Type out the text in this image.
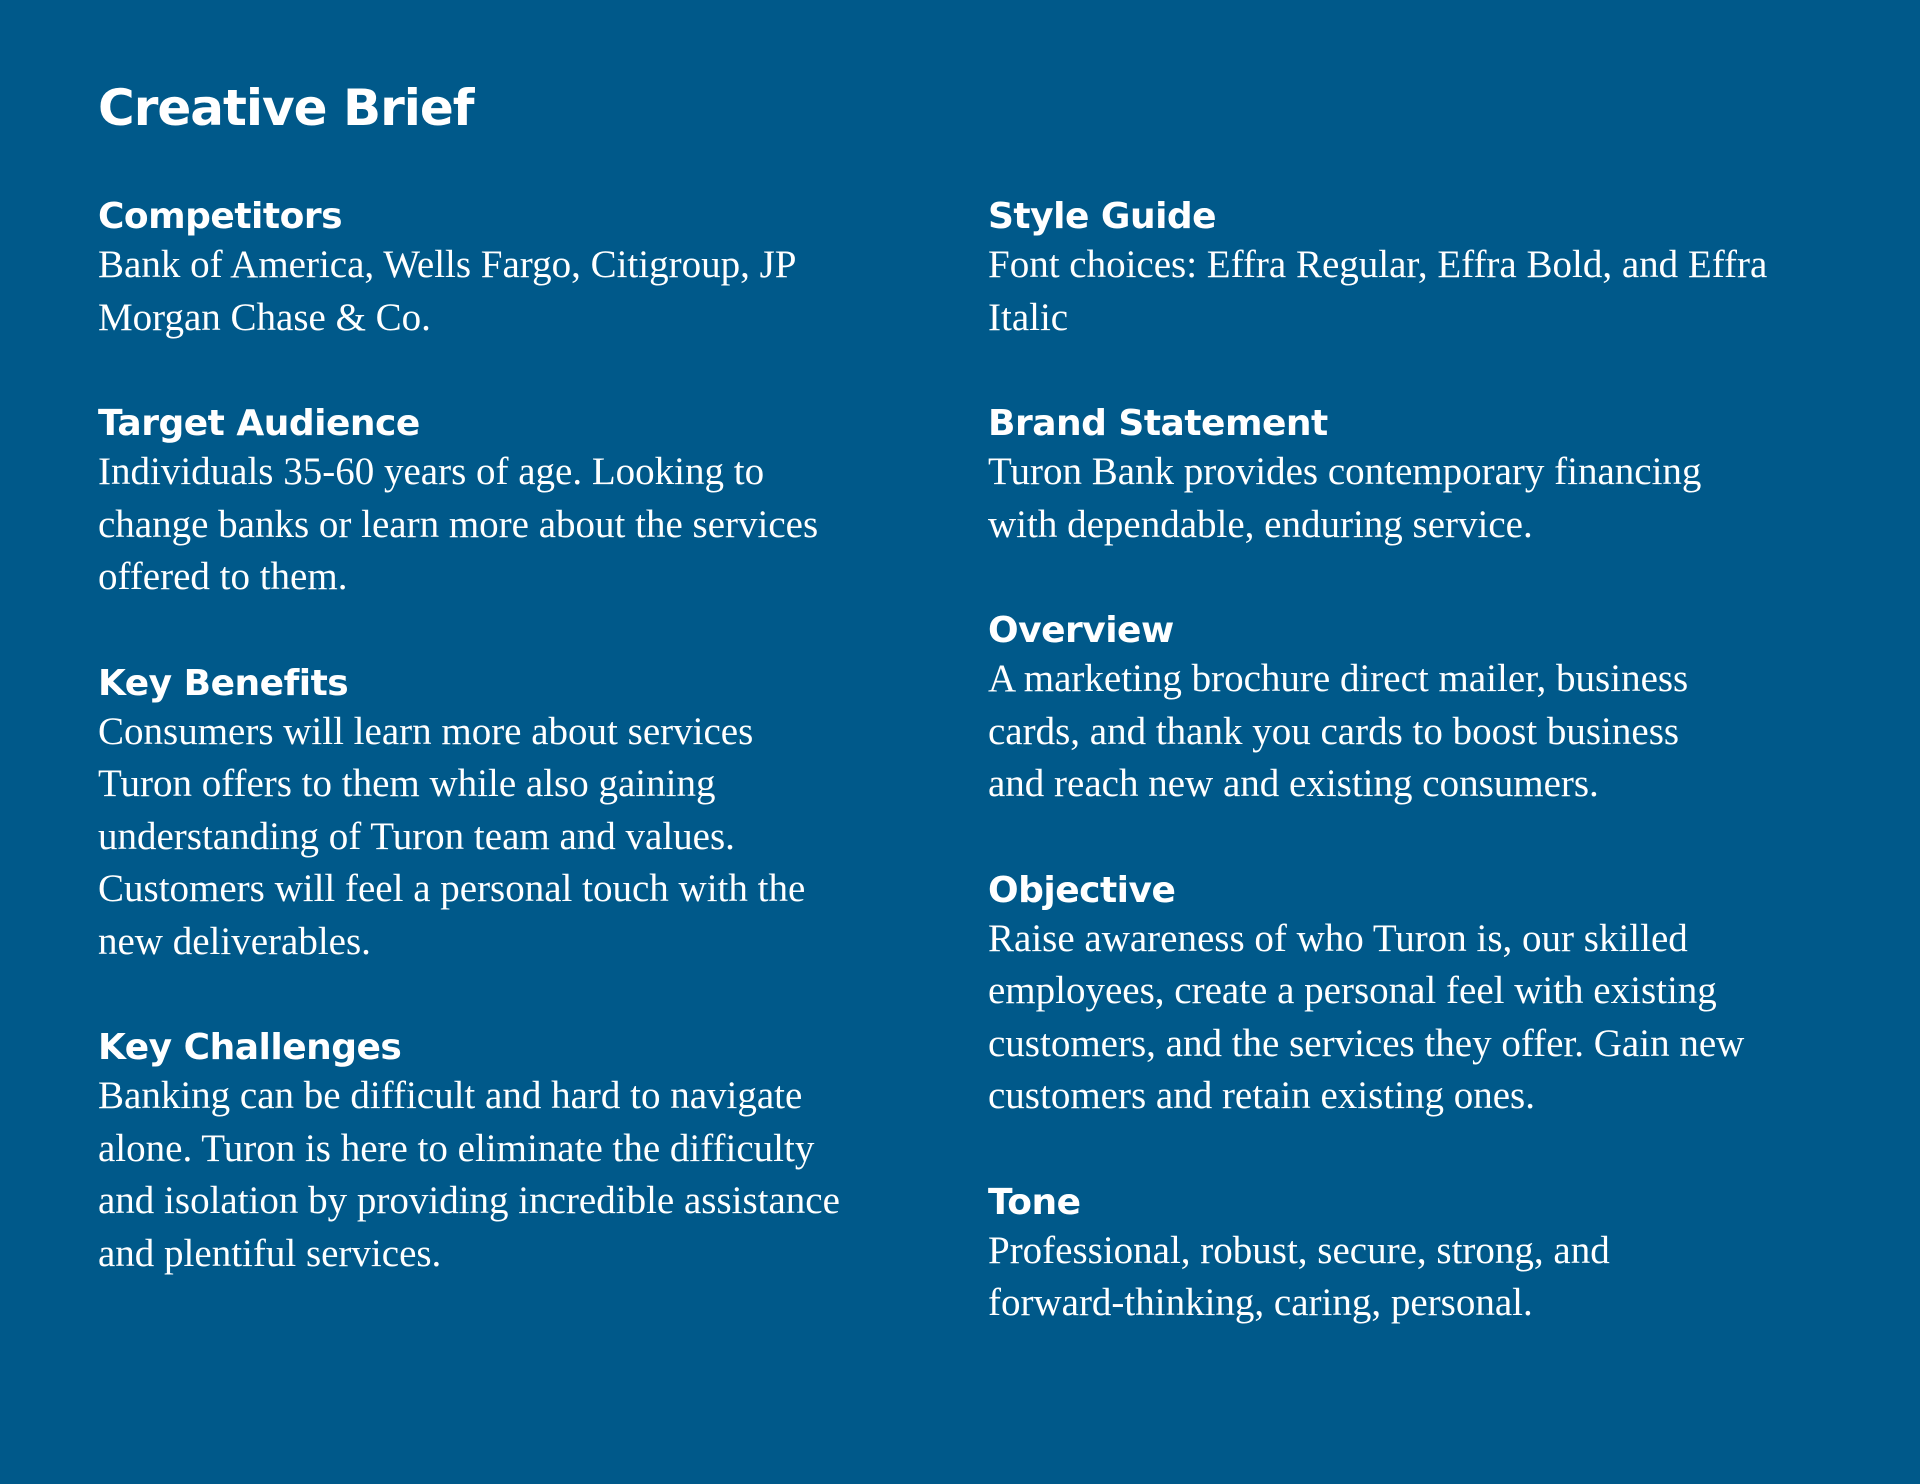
Creative Brief
Competitors
Bank of America, Wells Fargo, Citigroup, JP
Morgan Chase & Co.
Target Audience
Individuals 35-60 years of age. Looking to
change banks or learn more about the services
offered to them.
Key Benefits
Consumers will learn more about services
Turon offers to them while also gaining
understanding of Turon team and values.
Customers will feel a personal touch with the
new deliverables.
Key Challenges
Banking can be difficult and hard to navigate
alone. Turon is here to eliminate the difficulty
and isolation by providing incredible assistance
and plentiful services.
Style Guide
Font choices: Effra Regular, Effra Bold, and Effra
Italic
Brand Statement
Turon Bank provides contemporary financing
with dependable, enduring service.
Overview
A marketing brochure direct mailer, business
cards, and thank you cards to boost business
and reach new and existing consumers.
Objective
Raise awareness of who Turon is, our skilled
employees, create a personal feel with existing
customers, and the services they offer. Gain new
customers and retain existing ones.
Tone
Professional, robust, secure, strong, and
forward-thinking, caring, personal.
